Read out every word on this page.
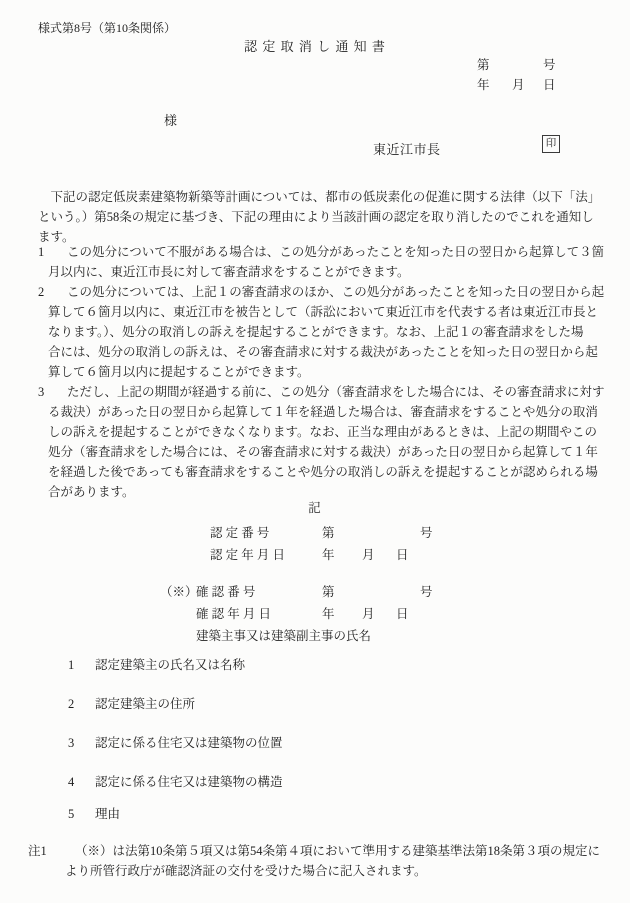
様式第8号（第10条関係）
認 定 取 消 し 通 知 書
第	号
年 月 日
様
東近江市長	印
　下記の認定低炭素建築物新築等計画については、都市の低炭素化の促進に関する法律（以下「法」
という。）第58条の規定に基づき、下記の理由により当該計画の認定を取り消したのでこれを通知し
ます。
1 この処分について不服がある場合は、この処分があったことを知った日の翌日から起算して３箇
月以内に、東近江市長に対して審査請求をすることができます。
2 この処分については、上記１の審査請求のほか、この処分があったことを知った日の翌日から起
算して６箇月以内に、東近江市を被告として（訴訟において東近江市を代表する者は東近江市長と
なります。）、処分の取消しの訴えを提起することができます。なお、上記１の審査請求をした場
合には、処分の取消しの訴えは、その審査請求に対する裁決があったことを知った日の翌日から起
算して６箇月以内に提起することができます。
3 ただし、上記の期間が経過する前に、この処分（審査請求をした場合には、その審査請求に対す
る裁決）があった日の翌日から起算して１年を経過した場合は、審査請求をすることや処分の取消
しの訴えを提起することができなくなります。なお、正当な理由があるときは、上記の期間やこの
処分（審査請求をした場合には、その審査請求に対する裁決）があった日の翌日から起算して１年
を経過した後であっても審査請求をすることや処分の取消しの訴えを提起することが認められる場
合があります。
記
認 定 番 号	第	号
認 定 年 月 日	年 月 日
（※）
確 認 番 号	第	号
確 認 年 月 日	年 月 日
建築主事又は建築副主事の氏名
1 認定建築主の氏名又は名称
2 認定建築主の住所
3 認定に係る住宅又は建築物の位置
4 認定に係る住宅又は建築物の構造
5 理由
注1 （※）は法第10条第５項又は第54条第４項において準用する建築基準法第18条第３項の規定に
より所管行政庁が確認済証の交付を受けた場合に記入されます。
